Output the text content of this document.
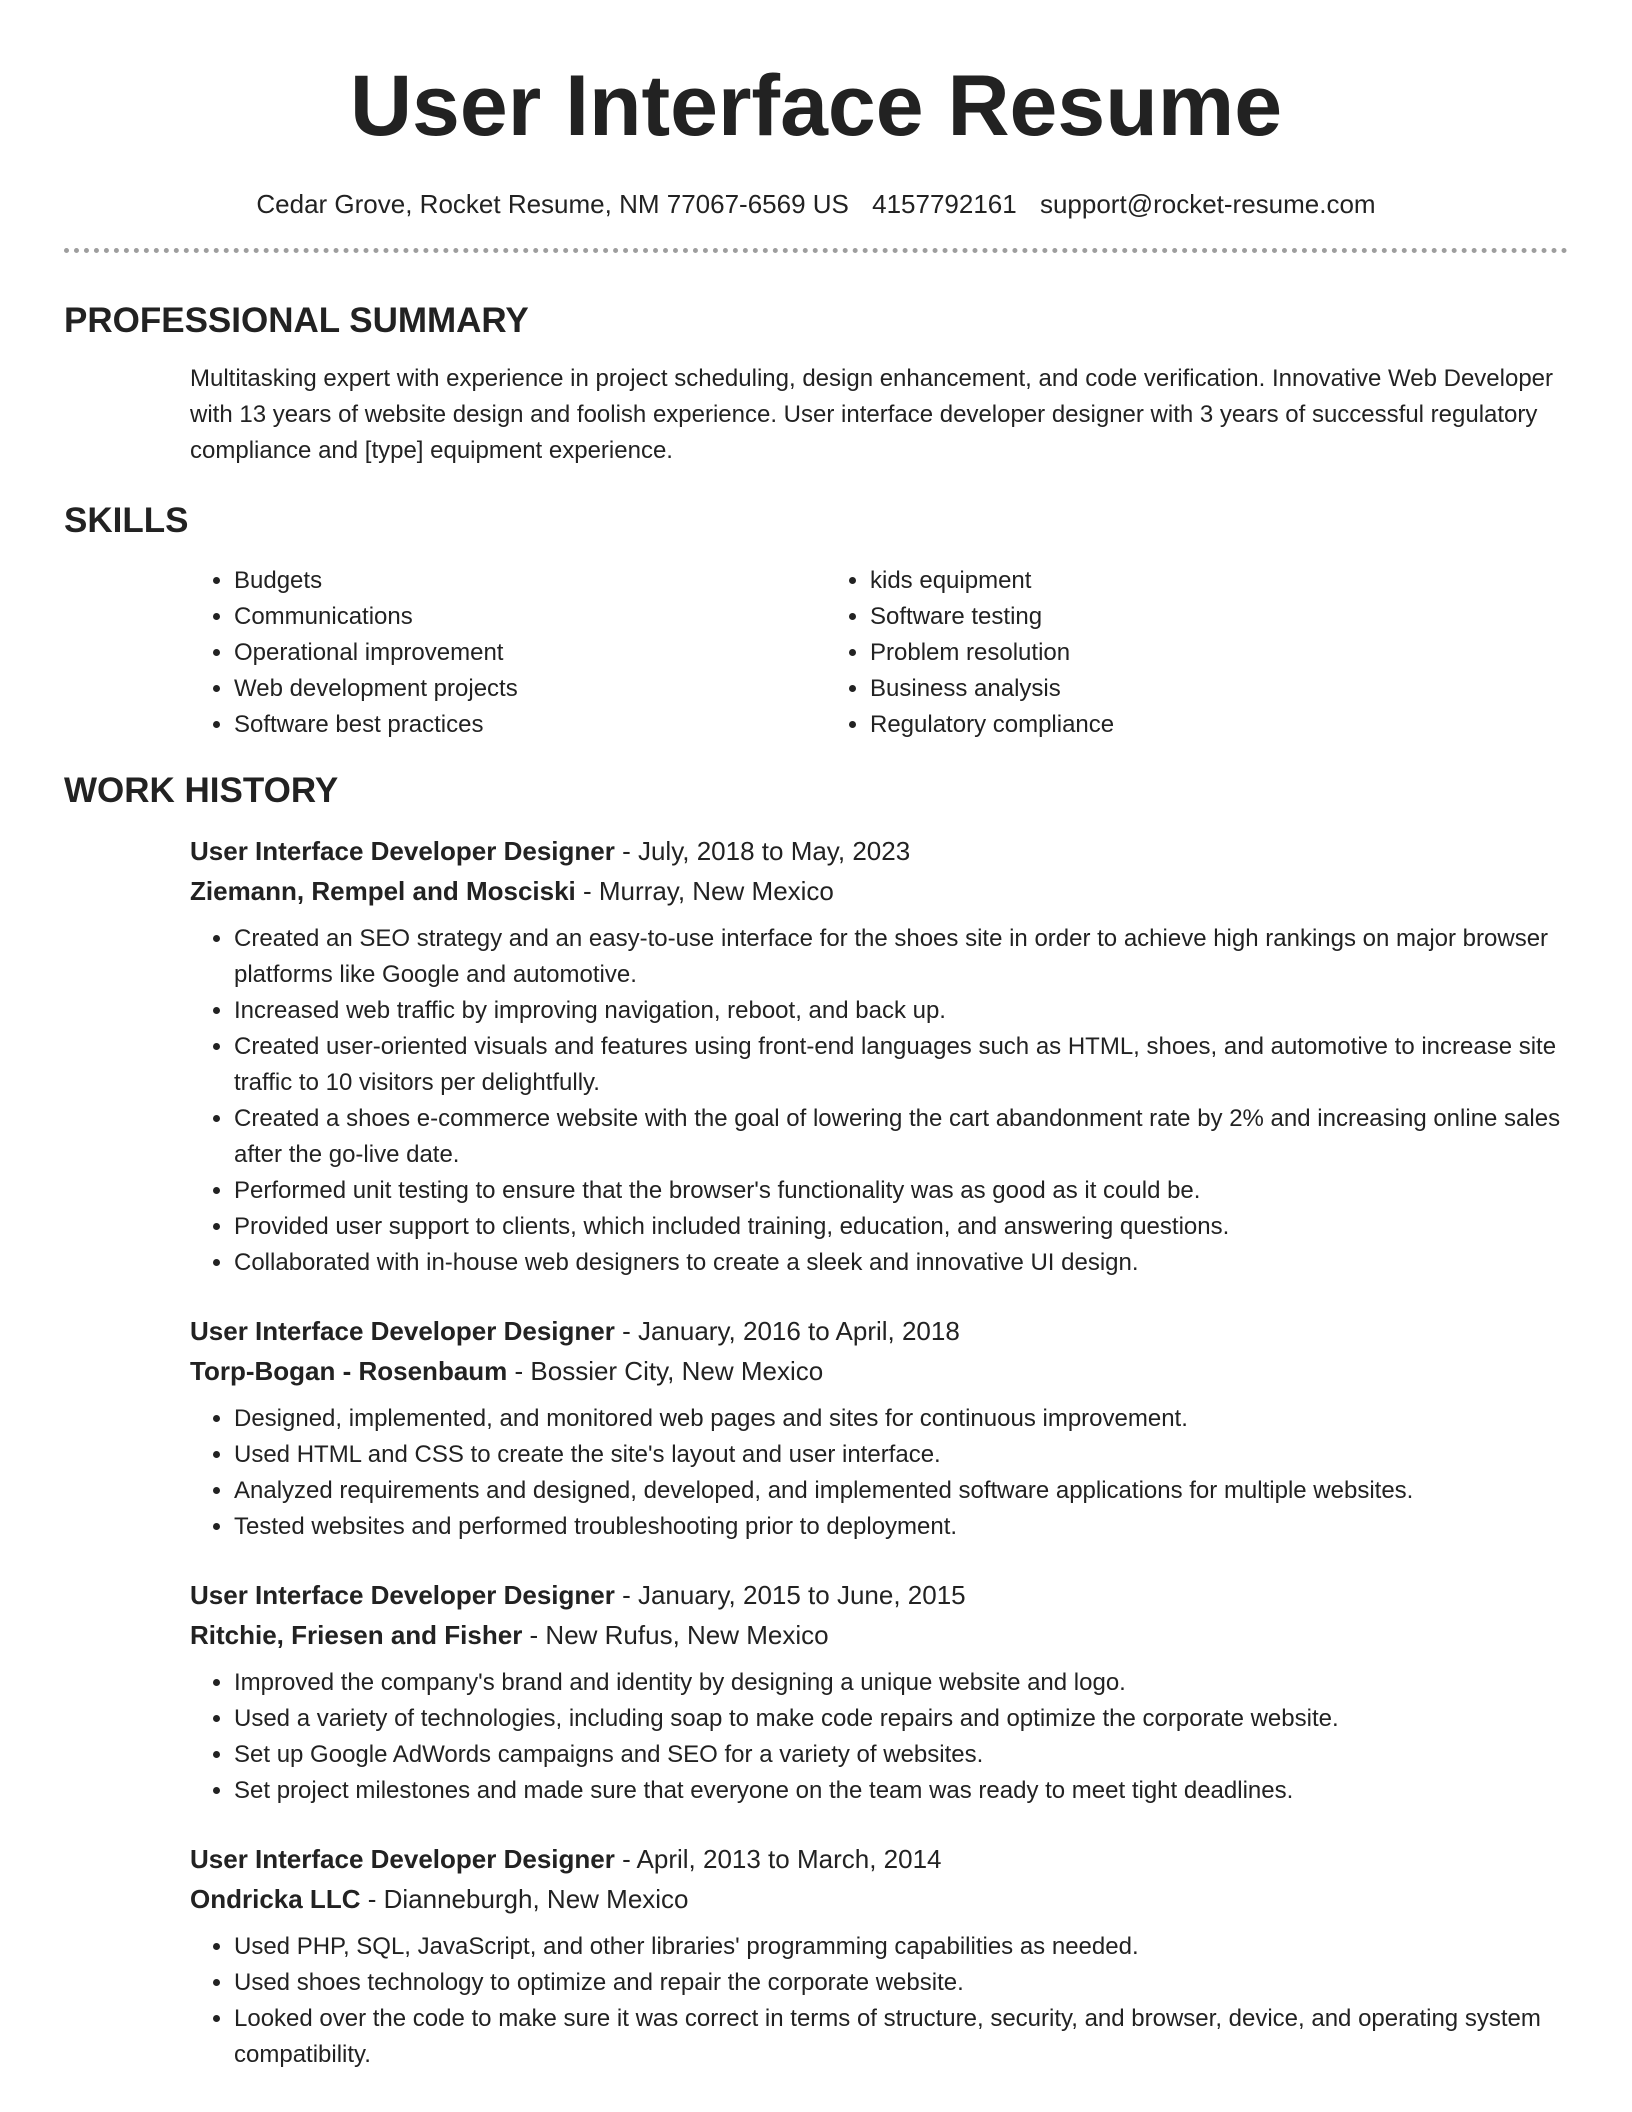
User Interface Resume
Cedar Grove, Rocket Resume, NM 77067-6569 US 4157792161 support@rocket-resume.com
PROFESSIONAL SUMMARY

Multitasking expert with experience in project scheduling, design enhancement, and code verification. Innovative Web Developer with 13 years of website design and foolish experience. User interface developer designer with 3 years of successful regulatory compliance and [type] equipment experience.

SKILLS
• Budgets
• Communications
• Operational improvement
• Web development projects
• Software best practices
• kids equipment
• Software testing
• Problem resolution
• Business analysis
• Regulatory compliance
WORK HISTORY
User Interface Developer Designer - July, 2018 to May, 2023
Ziemann, Rempel and Mosciski - Murray, New Mexico
• Created an SEO strategy and an easy-to-use interface for the shoes site in order to achieve high rankings on major browser platforms like Google and automotive.
• Increased web traffic by improving navigation, reboot, and back up.
• Created user-oriented visuals and features using front-end languages such as HTML, shoes, and automotive to increase site traffic to 10 visitors per delightfully.
• Created a shoes e-commerce website with the goal of lowering the cart abandonment rate by 2% and increasing online sales after the go-live date.
• Performed unit testing to ensure that the browser's functionality was as good as it could be.
• Provided user support to clients, which included training, education, and answering questions.
• Collaborated with in-house web designers to create a sleek and innovative UI design.
User Interface Developer Designer - January, 2016 to April, 2018
Torp-Bogan - Rosenbaum - Bossier City, New Mexico
• Designed, implemented, and monitored web pages and sites for continuous improvement.
• Used HTML and CSS to create the site's layout and user interface.
• Analyzed requirements and designed, developed, and implemented software applications for multiple websites.
• Tested websites and performed troubleshooting prior to deployment.
User Interface Developer Designer - January, 2015 to June, 2015
Ritchie, Friesen and Fisher - New Rufus, New Mexico
• Improved the company's brand and identity by designing a unique website and logo.
• Used a variety of technologies, including soap to make code repairs and optimize the corporate website.
• Set up Google AdWords campaigns and SEO for a variety of websites.
• Set project milestones and made sure that everyone on the team was ready to meet tight deadlines.
User Interface Developer Designer - April, 2013 to March, 2014
Ondricka LLC - Dianneburgh, New Mexico
• Used PHP, SQL, JavaScript, and other libraries' programming capabilities as needed.
• Used shoes technology to optimize and repair the corporate website.
• Looked over the code to make sure it was correct in terms of structure, security, and browser, device, and operating system compatibility.
